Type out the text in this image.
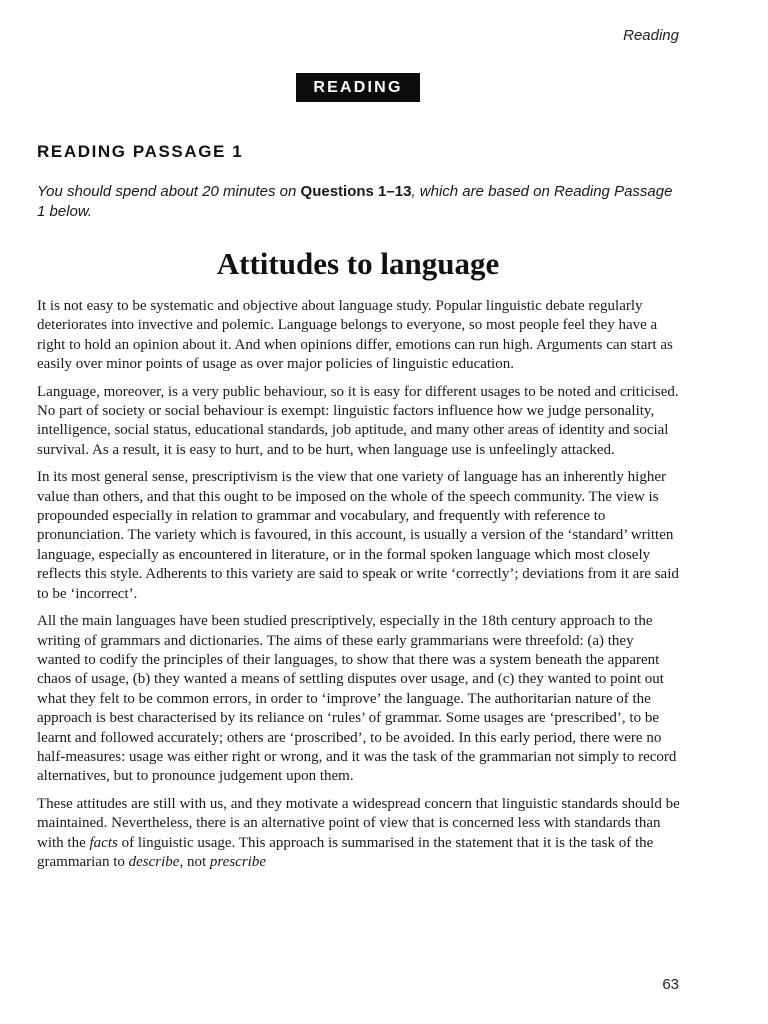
Reading
READING
READING PASSAGE 1
You should spend about 20 minutes on Questions 1–13, which are based on Reading Passage 1 below.
Attitudes to language

It is not easy to be systematic and objective about language study. Popular linguistic debate regularly deteriorates into invective and polemic. Language belongs to everyone, so most people feel they have a right to hold an opinion about it. And when opinions differ, emotions can run high. Arguments can start as easily over minor points of usage as over major policies of linguistic education.

Language, moreover, is a very public behaviour, so it is easy for different usages to be noted and criticised. No part of society or social behaviour is exempt: linguistic factors influence how we judge personality, intelligence, social status, educational standards, job aptitude, and many other areas of identity and social survival. As a result, it is easy to hurt, and to be hurt, when language use is unfeelingly attacked.

In its most general sense, prescriptivism is the view that one variety of language has an inherently higher value than others, and that this ought to be imposed on the whole of the speech community. The view is propounded especially in relation to grammar and vocabulary, and frequently with reference to pronunciation. The variety which is favoured, in this account, is usually a version of the ‘standard’ written language, especially as encountered in literature, or in the formal spoken language which most closely reflects this style. Adherents to this variety are said to speak or write ‘correctly’; deviations from it are said to be ‘incorrect’.

All the main languages have been studied prescriptively, especially in the 18th century approach to the writing of grammars and dictionaries. The aims of these early grammarians were threefold: (a) they wanted to codify the principles of their languages, to show that there was a system beneath the apparent chaos of usage, (b) they wanted a means of settling disputes over usage, and (c) they wanted to point out what they felt to be common errors, in order to ‘improve’ the language. The authoritarian nature of the approach is best characterised by its reliance on ‘rules’ of grammar. Some usages are ‘prescribed’, to be learnt and followed accurately; others are ‘proscribed’, to be avoided. In this early period, there were no half-measures: usage was either right or wrong, and it was the task of the grammarian not simply to record alternatives, but to pronounce judgement upon them.

These attitudes are still with us, and they motivate a widespread concern that linguistic standards should be maintained. Nevertheless, there is an alternative point of view that is concerned less with standards than with the facts of linguistic usage. This approach is summarised in the statement that it is the task of the grammarian to describe, not prescribe

63
